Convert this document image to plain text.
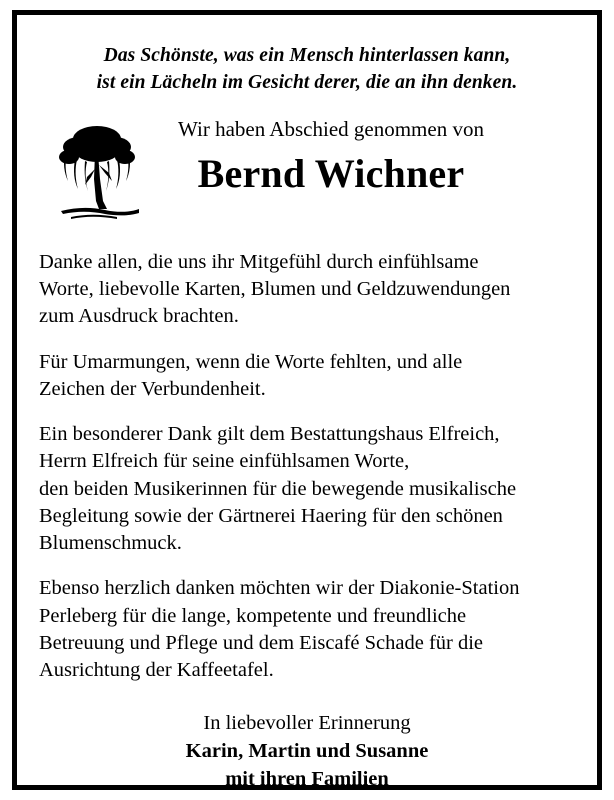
Das Schönste, was ein Mensch hinterlassen kann,
ist ein Lächeln im Gesicht derer, die an ihn denken.
Wir haben Abschied genommen von
Bernd Wichner

Danke allen, die uns ihr Mitgefühl durch einfühlsame
Worte, liebevolle Karten, Blumen und Geldzuwendungen
zum Ausdruck brachten.

Für Umarmungen, wenn die Worte fehlten, und alle
Zeichen der Verbundenheit.

Ein besonderer Dank gilt dem Bestattungshaus Elfreich,
Herrn Elfreich für seine einfühlsamen Worte,
den beiden Musikerinnen für die bewegende musikalische
Begleitung sowie der Gärtnerei Haering für den schönen
Blumenschmuck.

Ebenso herzlich danken möchten wir der Diakonie-Station
Perleberg für die lange, kompetente und freundliche
Betreuung und Pflege und dem Eiscafé Schade für die
Ausrichtung der Kaffeetafel.

In liebevoller Erinnerung
Karin, Martin und Susanne
mit ihren Familien
